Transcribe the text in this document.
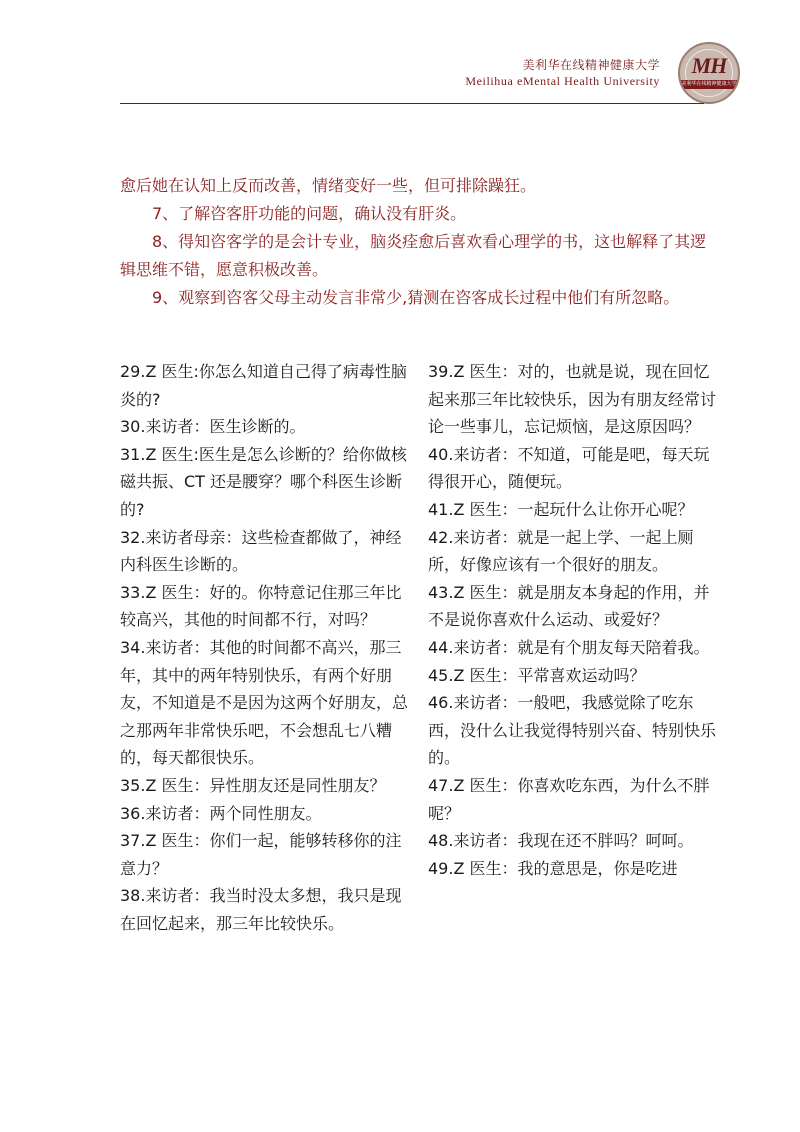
美利华在线精神健康大学
Meilihua eMental Health University
MH
美利华在线精神健康大学

愈后她在认知上反而改善，情绪变好一些，但可排除躁狂。

7、了解咨客肝功能的问题，确认没有肝炎。

8、得知咨客学的是会计专业，脑炎痊愈后喜欢看心理学的书，这也解释了其逻辑思维不错，愿意积极改善。

9、观察到咨客父母主动发言非常少,猜测在咨客成长过程中他们有所忽略。

29.Z 医生:你怎么知道自己得了病毒性脑炎的?

30.来访者：医生诊断的。

31.Z 医生:医生是怎么诊断的？给你做核磁共振、CT 还是腰穿？哪个科医生诊断的?

32.来访者母亲：这些检查都做了，神经内科医生诊断的。

33.Z 医生：好的。你特意记住那三年比较高兴，其他的时间都不行，对吗？

34.来访者：其他的时间都不高兴，那三年，其中的两年特别快乐，有两个好朋友，不知道是不是因为这两个好朋友，总之那两年非常快乐吧，不会想乱七八糟的，每天都很快乐。

35.Z 医生：异性朋友还是同性朋友？

36.来访者：两个同性朋友。

37.Z 医生：你们一起，能够转移你的注意力？

38.来访者：我当时没太多想，我只是现在回忆起来，那三年比较快乐。

39.Z 医生：对的，也就是说，现在回忆起来那三年比较快乐，因为有朋友经常讨论一些事儿，忘记烦恼，是这原因吗？

40.来访者：不知道，可能是吧，每天玩得很开心，随便玩。

41.Z 医生：一起玩什么让你开心呢？

42.来访者：就是一起上学、一起上厕所，好像应该有一个很好的朋友。

43.Z 医生：就是朋友本身起的作用，并不是说你喜欢什么运动、或爱好？

44.来访者：就是有个朋友每天陪着我。

45.Z 医生：平常喜欢运动吗？

46.来访者：一般吧，我感觉除了吃东西，没什么让我觉得特别兴奋、特别快乐的。

47.Z 医生：你喜欢吃东西，为什么不胖呢？

48.来访者：我现在还不胖吗？呵呵。

49.Z 医生：我的意思是，你是吃进
